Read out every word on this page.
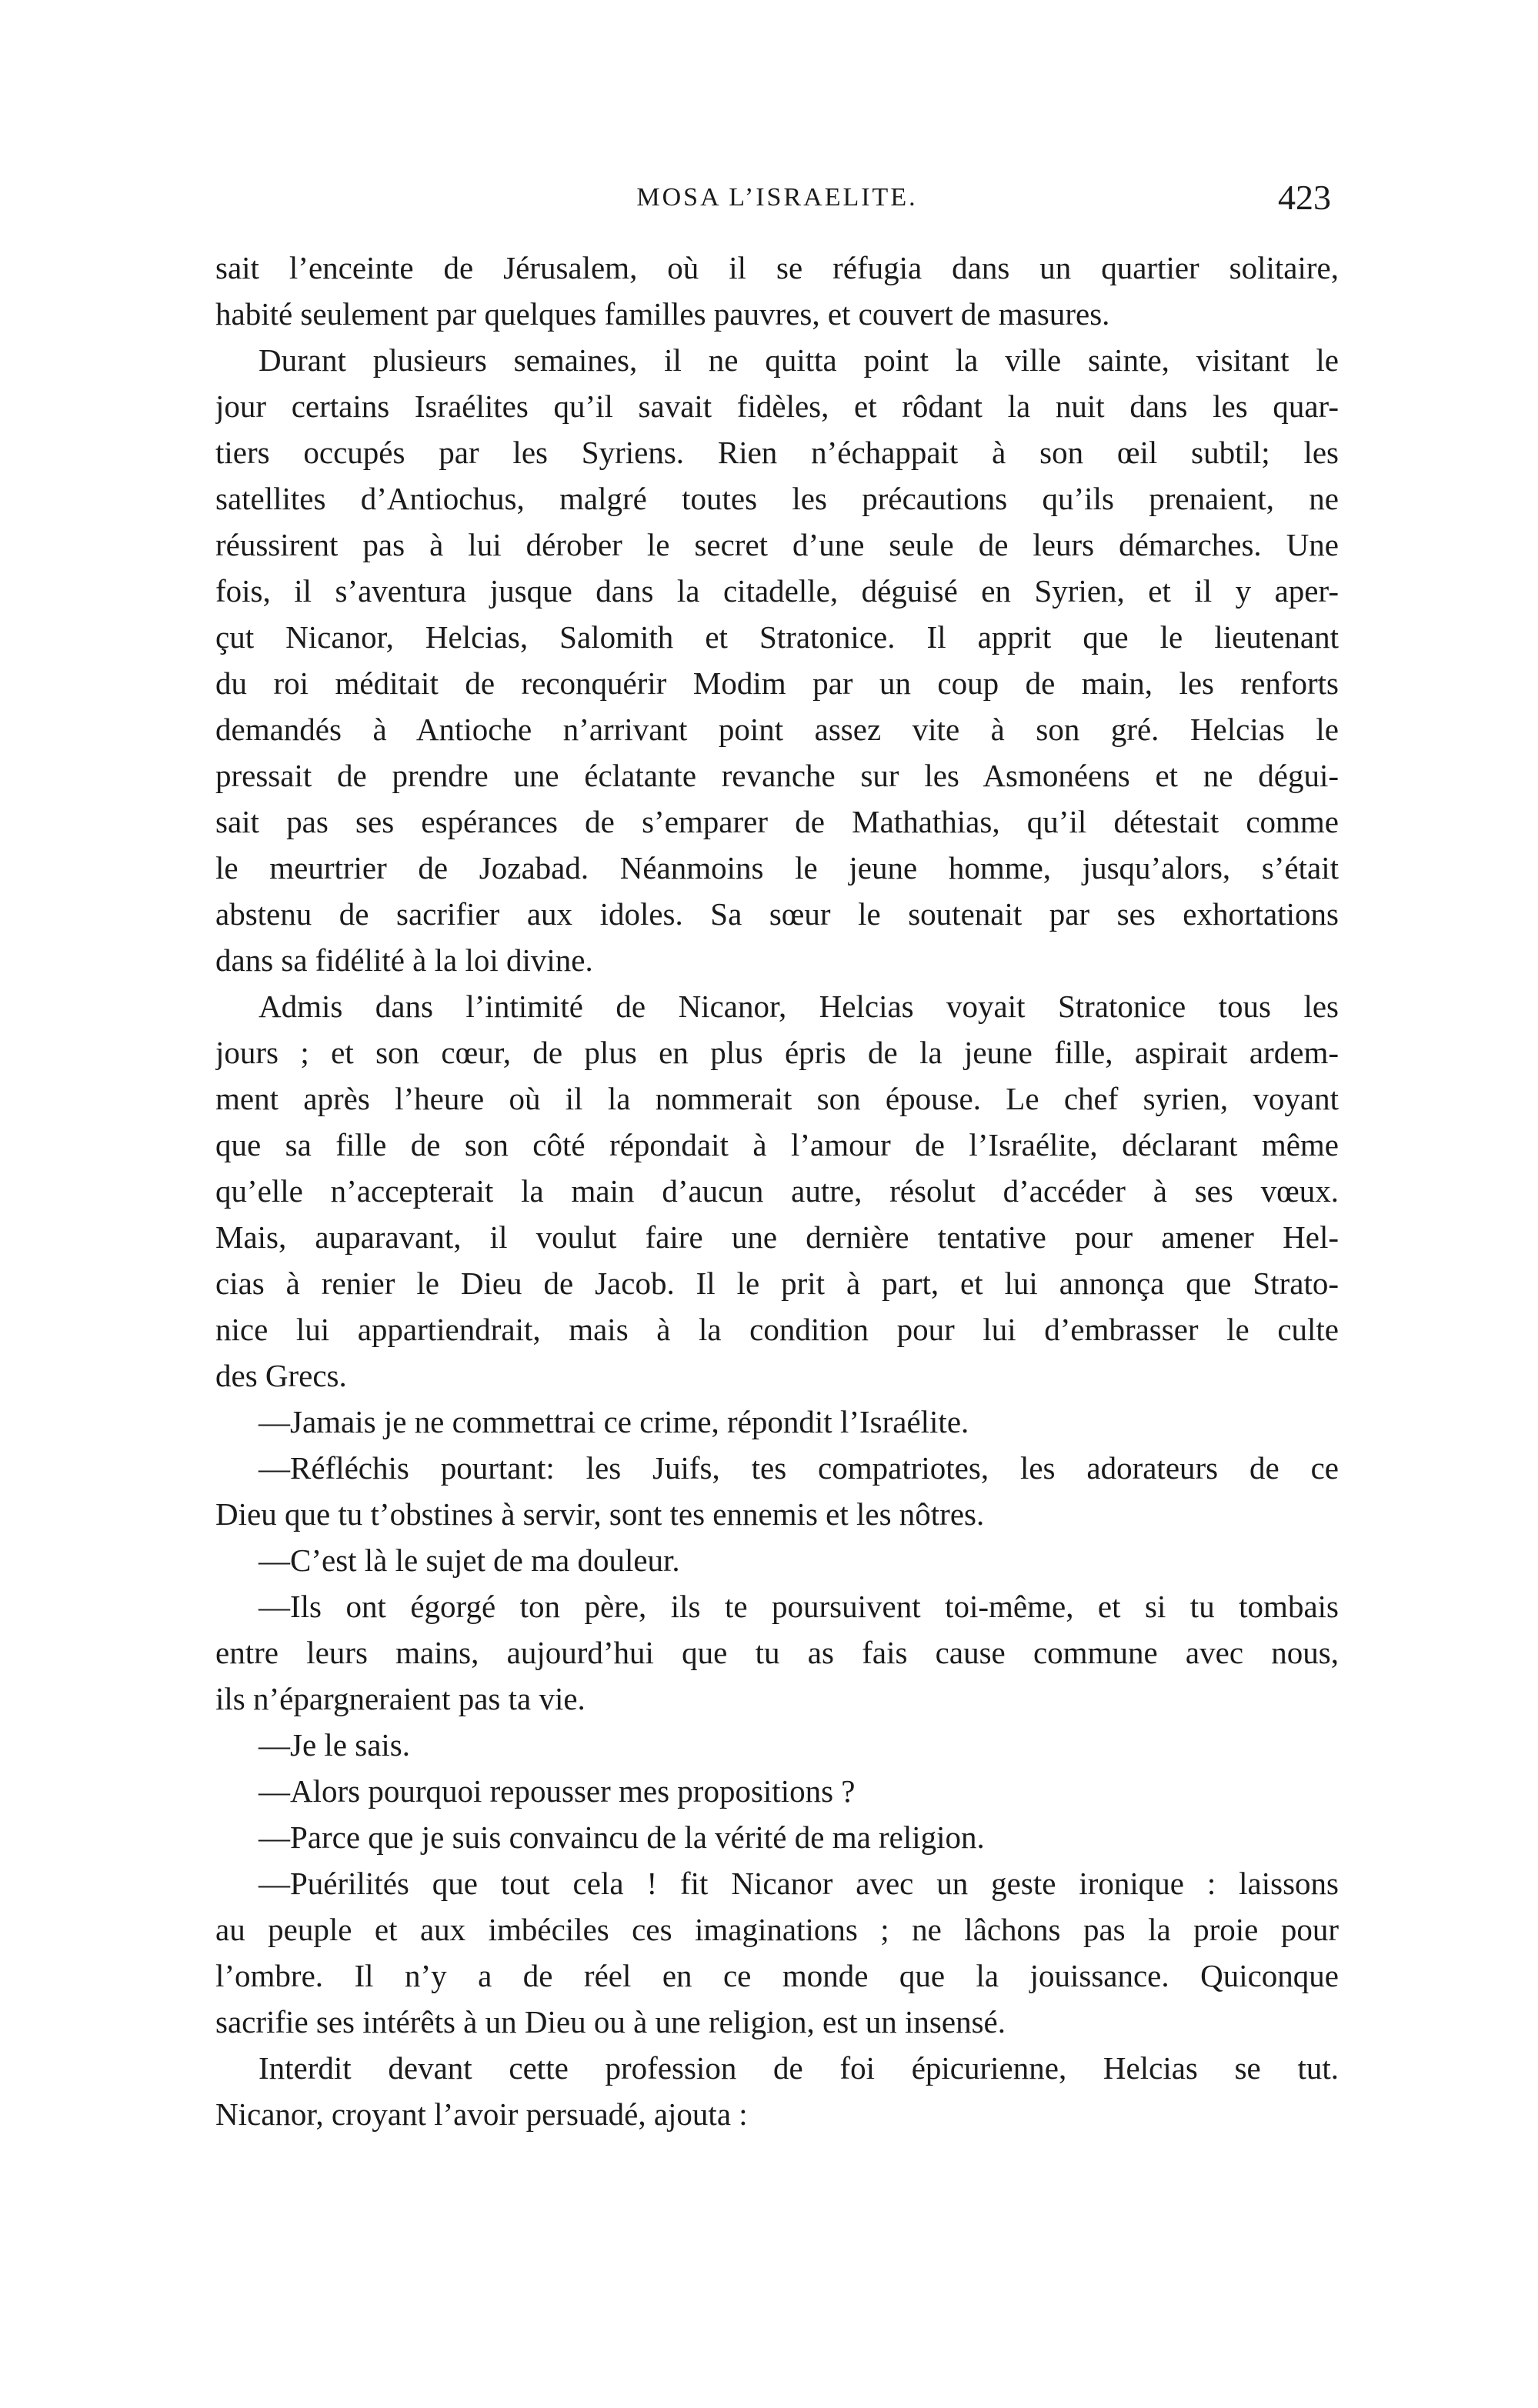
MOSA L’ISRAELITE.	423
sait l’enceinte de Jérusalem, où il se réfugia dans un quartier solitaire,
habité seulement par quelques familles pauvres, et couvert de masures.
Durant plusieurs semaines, il ne quitta point la ville sainte, visitant le
jour certains Israélites qu’il savait fidèles, et rôdant la nuit dans les quar-
tiers occupés par les Syriens. Rien n’échappait à son œil subtil; les
satellites d’Antiochus, malgré toutes les précautions qu’ils prenaient, ne
réussirent pas à lui dérober le secret d’une seule de leurs démarches. Une
fois, il s’aventura jusque dans la citadelle, déguisé en Syrien, et il y aper-
çut Nicanor, Helcias, Salomith et Stratonice. Il apprit que le lieutenant
du roi méditait de reconquérir Modim par un coup de main, les renforts
demandés à Antioche n’arrivant point assez vite à son gré. Helcias le
pressait de prendre une éclatante revanche sur les Asmonéens et ne dégui-
sait pas ses espérances de s’emparer de Mathathias, qu’il détestait comme
le meurtrier de Jozabad. Néanmoins le jeune homme, jusqu’alors, s’était
abstenu de sacrifier aux idoles. Sa sœur le soutenait par ses exhortations
dans sa fidélité à la loi divine.
Admis dans l’intimité de Nicanor, Helcias voyait Stratonice tous les
jours ; et son cœur, de plus en plus épris de la jeune fille, aspirait ardem-
ment après l’heure où il la nommerait son épouse. Le chef syrien, voyant
que sa fille de son côté répondait à l’amour de l’Israélite, déclarant même
qu’elle n’accepterait la main d’aucun autre, résolut d’accéder à ses vœux.
Mais, auparavant, il voulut faire une dernière tentative pour amener Hel-
cias à renier le Dieu de Jacob. Il le prit à part, et lui annonça que Strato-
nice lui appartiendrait, mais à la condition pour lui d’embrasser le culte
des Grecs.
—Jamais je ne commettrai ce crime, répondit l’Israélite.
—Réfléchis pourtant: les Juifs, tes compatriotes, les adorateurs de ce
Dieu que tu t’obstines à servir, sont tes ennemis et les nôtres.
—C’est là le sujet de ma douleur.
—Ils ont égorgé ton père, ils te poursuivent toi-même, et si tu tombais
entre leurs mains, aujourd’hui que tu as fais cause commune avec nous,
ils n’épargneraient pas ta vie.
—Je le sais.
—Alors pourquoi repousser mes propositions ?
—Parce que je suis convaincu de la vérité de ma religion.
—Puérilités que tout cela ! fit Nicanor avec un geste ironique : laissons
au peuple et aux imbéciles ces imaginations ; ne lâchons pas la proie pour
l’ombre. Il n’y a de réel en ce monde que la jouissance. Quiconque
sacrifie ses intérêts à un Dieu ou à une religion, est un insensé.
Interdit devant cette profession de foi épicurienne, Helcias se tut.
Nicanor, croyant l’avoir persuadé, ajouta :
